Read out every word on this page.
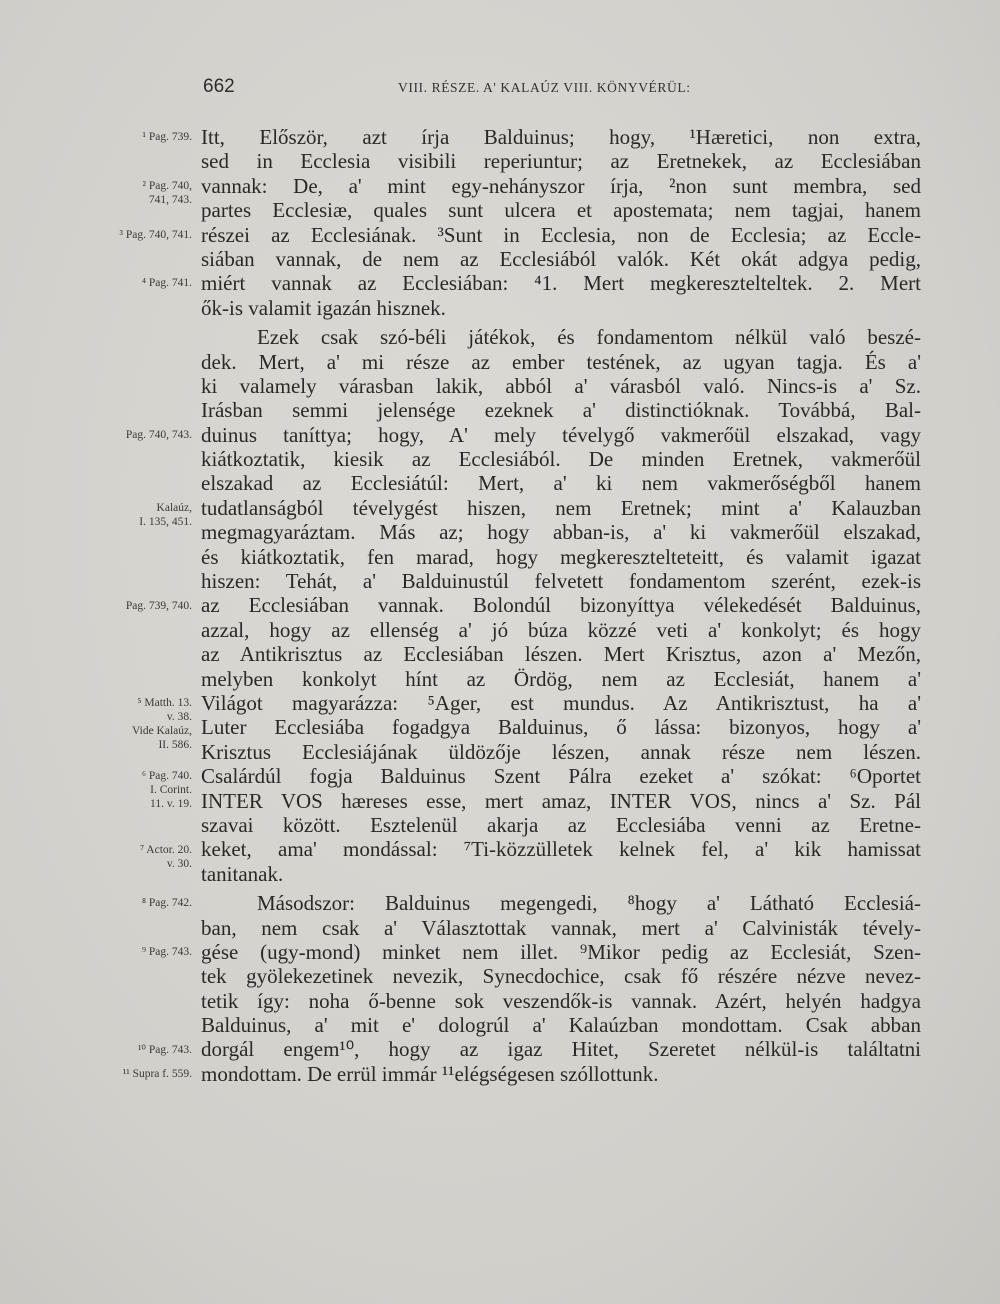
662	VIII. RÉSZE. A' KALAÚZ VIII. KÖNYVÉRÜL:
¹ Pag. 739.
² Pag. 740,
741, 743.
³ Pag. 740, 741.
⁴ Pag. 741.
Pag. 740, 743.
Kalaúz,
I. 135, 451.
Pag. 739, 740.
⁵ Matth. 13.
v. 38.
Vide Kalaúz,
II. 586.
⁶ Pag. 740.
I. Corint.
11. v. 19.
⁷ Actor. 20.
v. 30.
⁸ Pag. 742.
⁹ Pag. 743.
¹⁰ Pag. 743.
¹¹ Supra f. 559.
Itt, Először, azt írja Balduinus; hogy, ¹Hæretici, non extra,
sed in Ecclesia visibili reperiuntur; az Eretnekek, az Ecclesiában
vannak: De, a' mint egy-nehányszor írja, ²non sunt membra, sed
partes Ecclesiæ, quales sunt ulcera et apostemata; nem tagjai, hanem
részei az Ecclesiának. ³Sunt in Ecclesia, non de Ecclesia; az Eccle-
siában vannak, de nem az Ecclesiából valók. Két okát adgya pedig,
miért vannak az Ecclesiában: ⁴1. Mert megkeresztelteltek. 2. Mert
ők-is valamit igazán hisznek.
Ezek csak szó-béli játékok, és fondamentom nélkül való beszé-
dek. Mert, a' mi része az ember testének, az ugyan tagja. És a'
ki valamely várasban lakik, abból a' várasból való. Nincs-is a' Sz.
Irásban semmi jelensége ezeknek a' distinctióknak. Továbbá, Bal-
duinus taníttya; hogy, A' mely tévelygő vakmerőül elszakad, vagy
kiátkoztatik, kiesik az Ecclesiából. De minden Eretnek, vakmerőül
elszakad az Ecclesiátúl: Mert, a' ki nem vakmerőségből hanem
tudatlanságból tévelygést hiszen, nem Eretnek; mint a' Kalauzban
megmagyaráztam. Más az; hogy abban-is, a' ki vakmerőül elszakad,
és kiátkoztatik, fen marad, hogy megkeresztelteteitt, és valamit igazat
hiszen: Tehát, a' Balduinustúl felvetett fondamentom szerént, ezek-is
az Ecclesiában vannak. Bolondúl bizonyíttya vélekedését Balduinus,
azzal, hogy az ellenség a' jó búza közzé veti a' konkolyt; és hogy
az Antikrisztus az Ecclesiában lészen. Mert Krisztus, azon a' Mezőn,
melyben konkolyt hínt az Ördög, nem az Ecclesiát, hanem a'
Világot magyarázza: ⁵Ager, est mundus. Az Antikrisztust, ha a'
Luter Ecclesiába fogadgya Balduinus, ő lássa: bizonyos, hogy a'
Krisztus Ecclesiájának üldözője lészen, annak része nem lészen.
Csalárdúl fogja Balduinus Szent Pálra ezeket a' szókat: ⁶Oportet
INTER VOS hæreses esse, mert amaz, INTER VOS, nincs a' Sz. Pál
szavai között. Esztelenül akarja az Ecclesiába venni az Eretne-
keket, ama' mondással: ⁷Ti-közzülletek kelnek fel, a' kik hamissat
tanitanak.
Másodszor: Balduinus megengedi, ⁸hogy a' Látható Ecclesiá-
ban, nem csak a' Választottak vannak, mert a' Calvinisták tévely-
gése (ugy-mond) minket nem illet. ⁹Mikor pedig az Ecclesiát, Szen-
tek gyölekezetinek nevezik, Synecdochice, csak fő részére nézve nevez-
tetik így: noha ő-benne sok veszendők-is vannak. Azért, helyén hadgya
Balduinus, a' mit e' dologrúl a' Kalaúzban mondottam. Csak abban
dorgál engem¹⁰, hogy az igaz Hitet, Szeretet nélkül-is találtatni
mondottam. De errül immár ¹¹elégségesen szóllottunk.
